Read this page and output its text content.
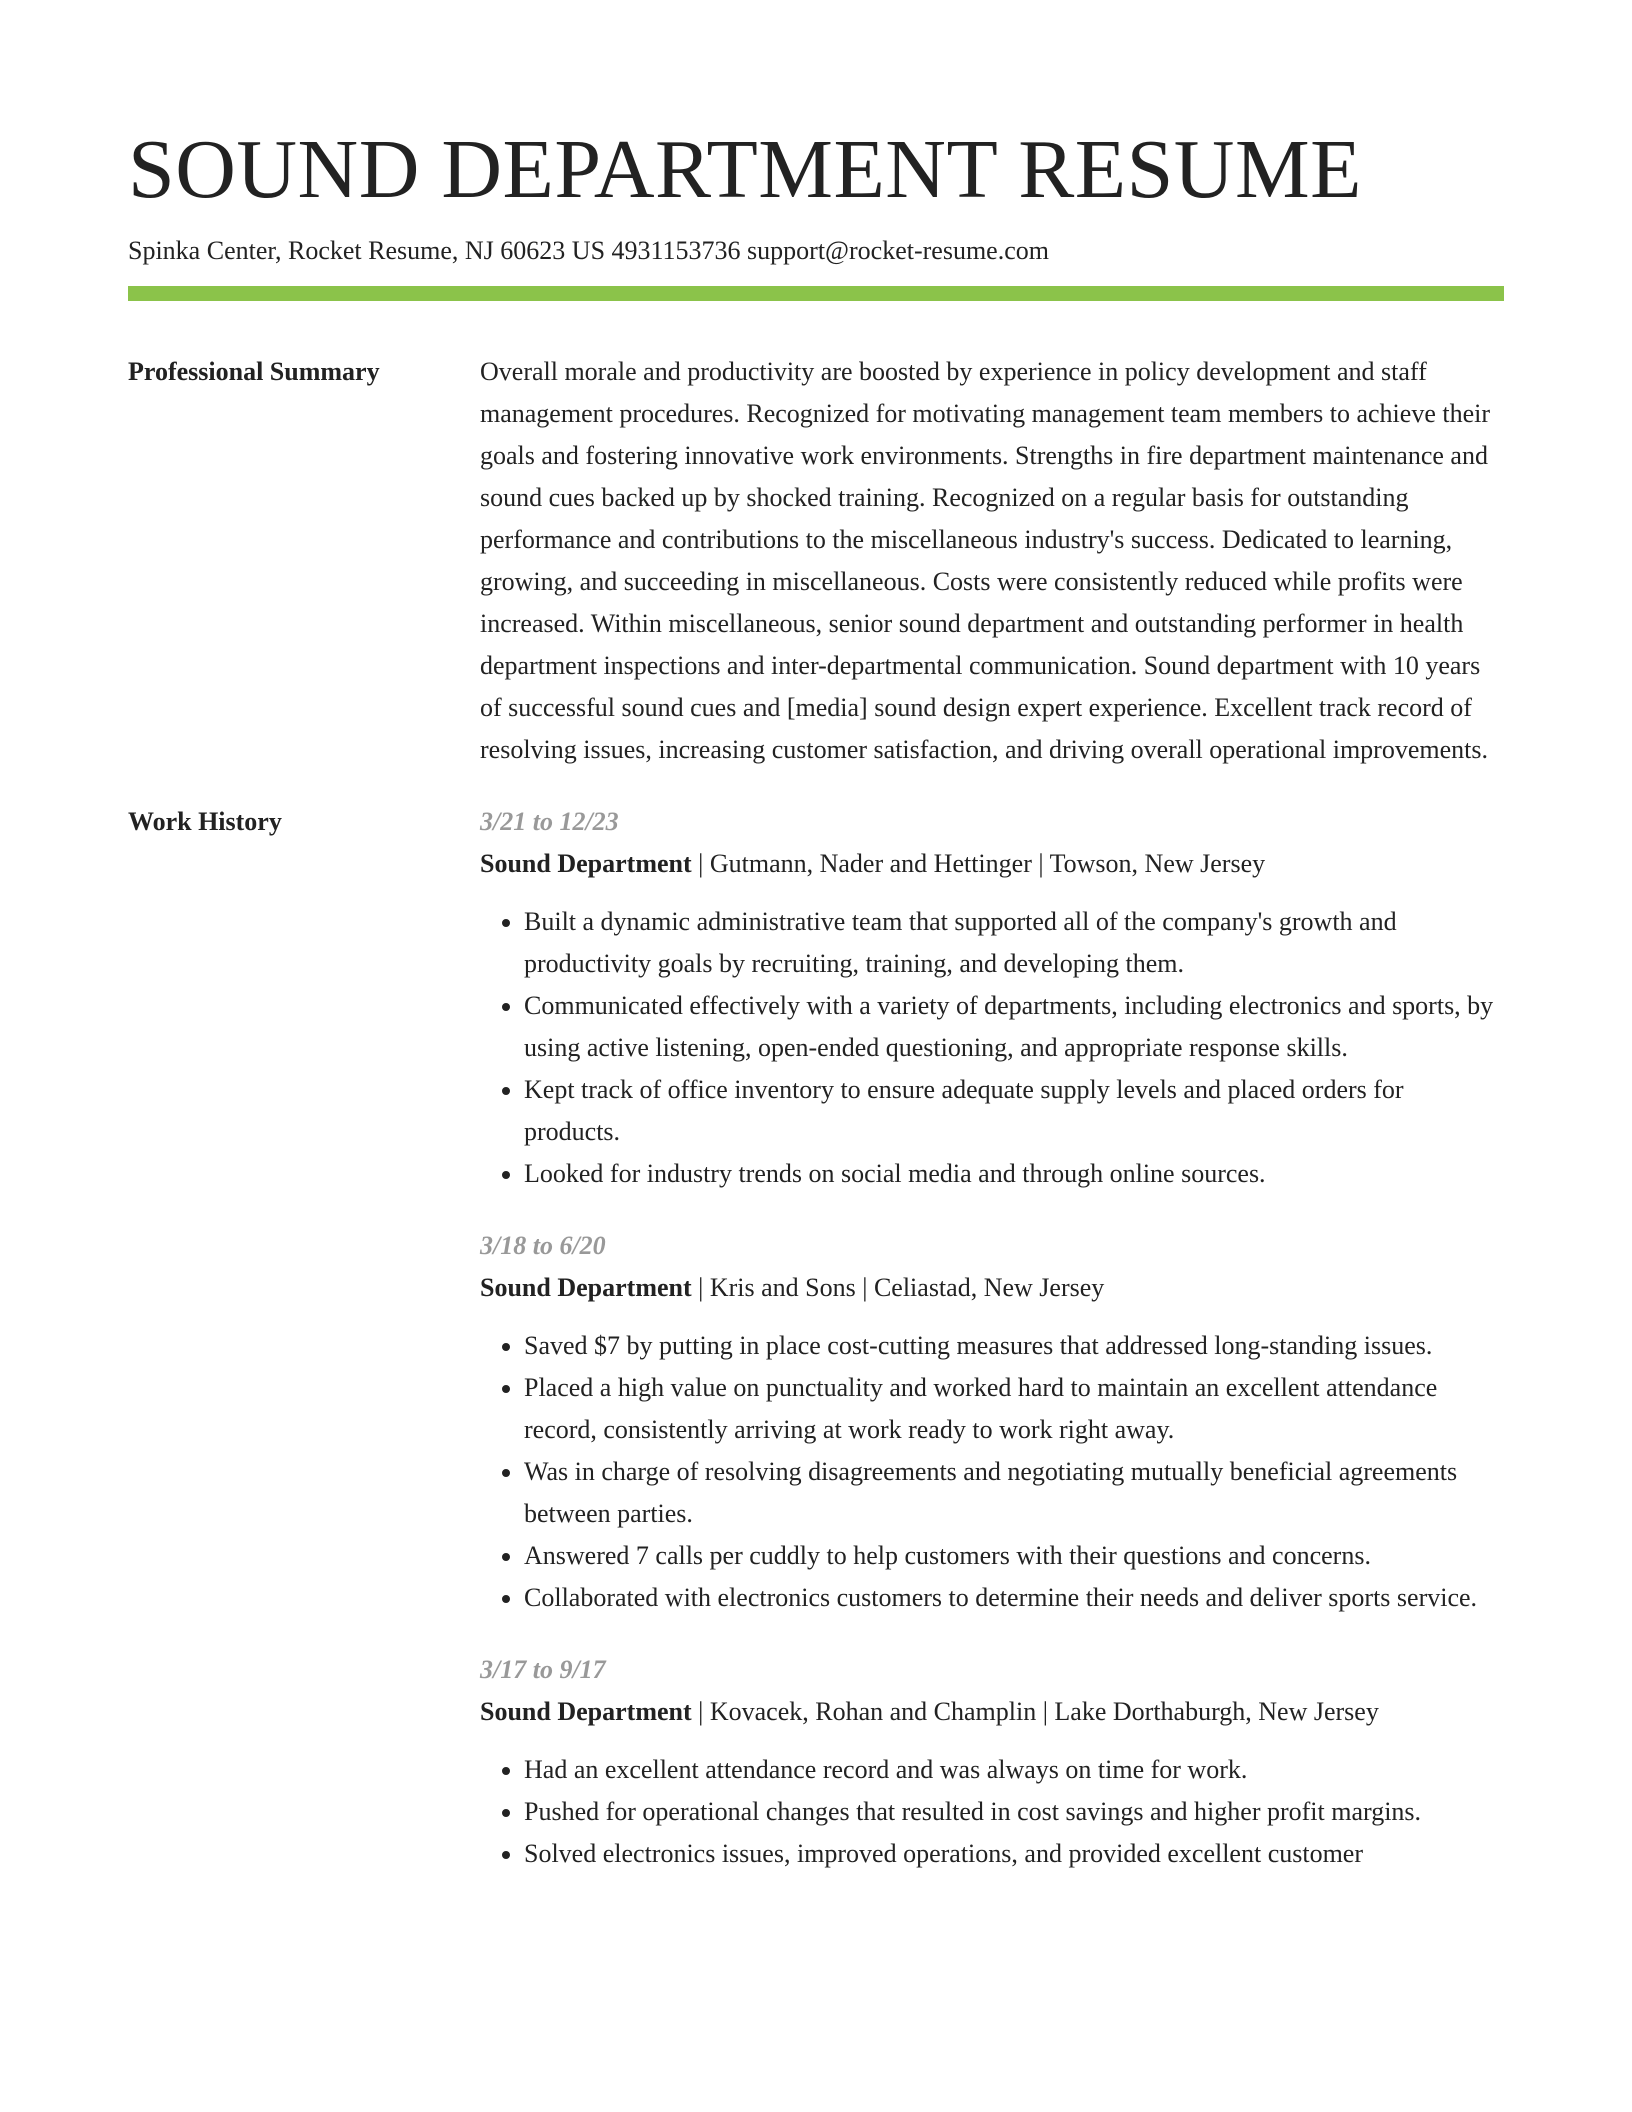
SOUND DEPARTMENT RESUME
Spinka Center, Rocket Resume, NJ 60623 US 4931153736 support@rocket-resume.com
Professional Summary	Overall morale and productivity are boosted by experience in policy development and staff management procedures. Recognized for motivating management team members to achieve their goals and fostering innovative work environments. Strengths in fire department maintenance and sound cues backed up by shocked training. Recognized on a regular basis for outstanding performance and contributions to the miscellaneous industry's success. Dedicated to learning, growing, and succeeding in miscellaneous. Costs were consistently reduced while profits were increased. Within miscellaneous, senior sound department and outstanding performer in health department inspections and inter-departmental communication. Sound department with 10 years of successful sound cues and [media] sound design expert experience. Excellent track record of resolving issues, increasing customer satisfaction, and driving overall operational improvements.

Work History	3/21 to 12/23
Sound Department | Gutmann, Nader and Hettinger | Towson, New Jersey
• Built a dynamic administrative team that supported all of the company's growth and productivity goals by recruiting, training, and developing them.
• Communicated effectively with a variety of departments, including electronics and sports, by using active listening, open-ended questioning, and appropriate response skills.
• Kept track of office inventory to ensure adequate supply levels and placed orders for products.
• Looked for industry trends on social media and through online sources.
3/18 to 6/20
Sound Department | Kris and Sons | Celiastad, New Jersey
• Saved $7 by putting in place cost-cutting measures that addressed long-standing issues.
• Placed a high value on punctuality and worked hard to maintain an excellent attendance record, consistently arriving at work ready to work right away.
• Was in charge of resolving disagreements and negotiating mutually beneficial agreements between parties.
• Answered 7 calls per cuddly to help customers with their questions and concerns.
• Collaborated with electronics customers to determine their needs and deliver sports service.
3/17 to 9/17
Sound Department | Kovacek, Rohan and Champlin | Lake Dorthaburgh, New Jersey
• Had an excellent attendance record and was always on time for work.
• Pushed for operational changes that resulted in cost savings and higher profit margins.
• Solved electronics issues, improved operations, and provided excellent customer
